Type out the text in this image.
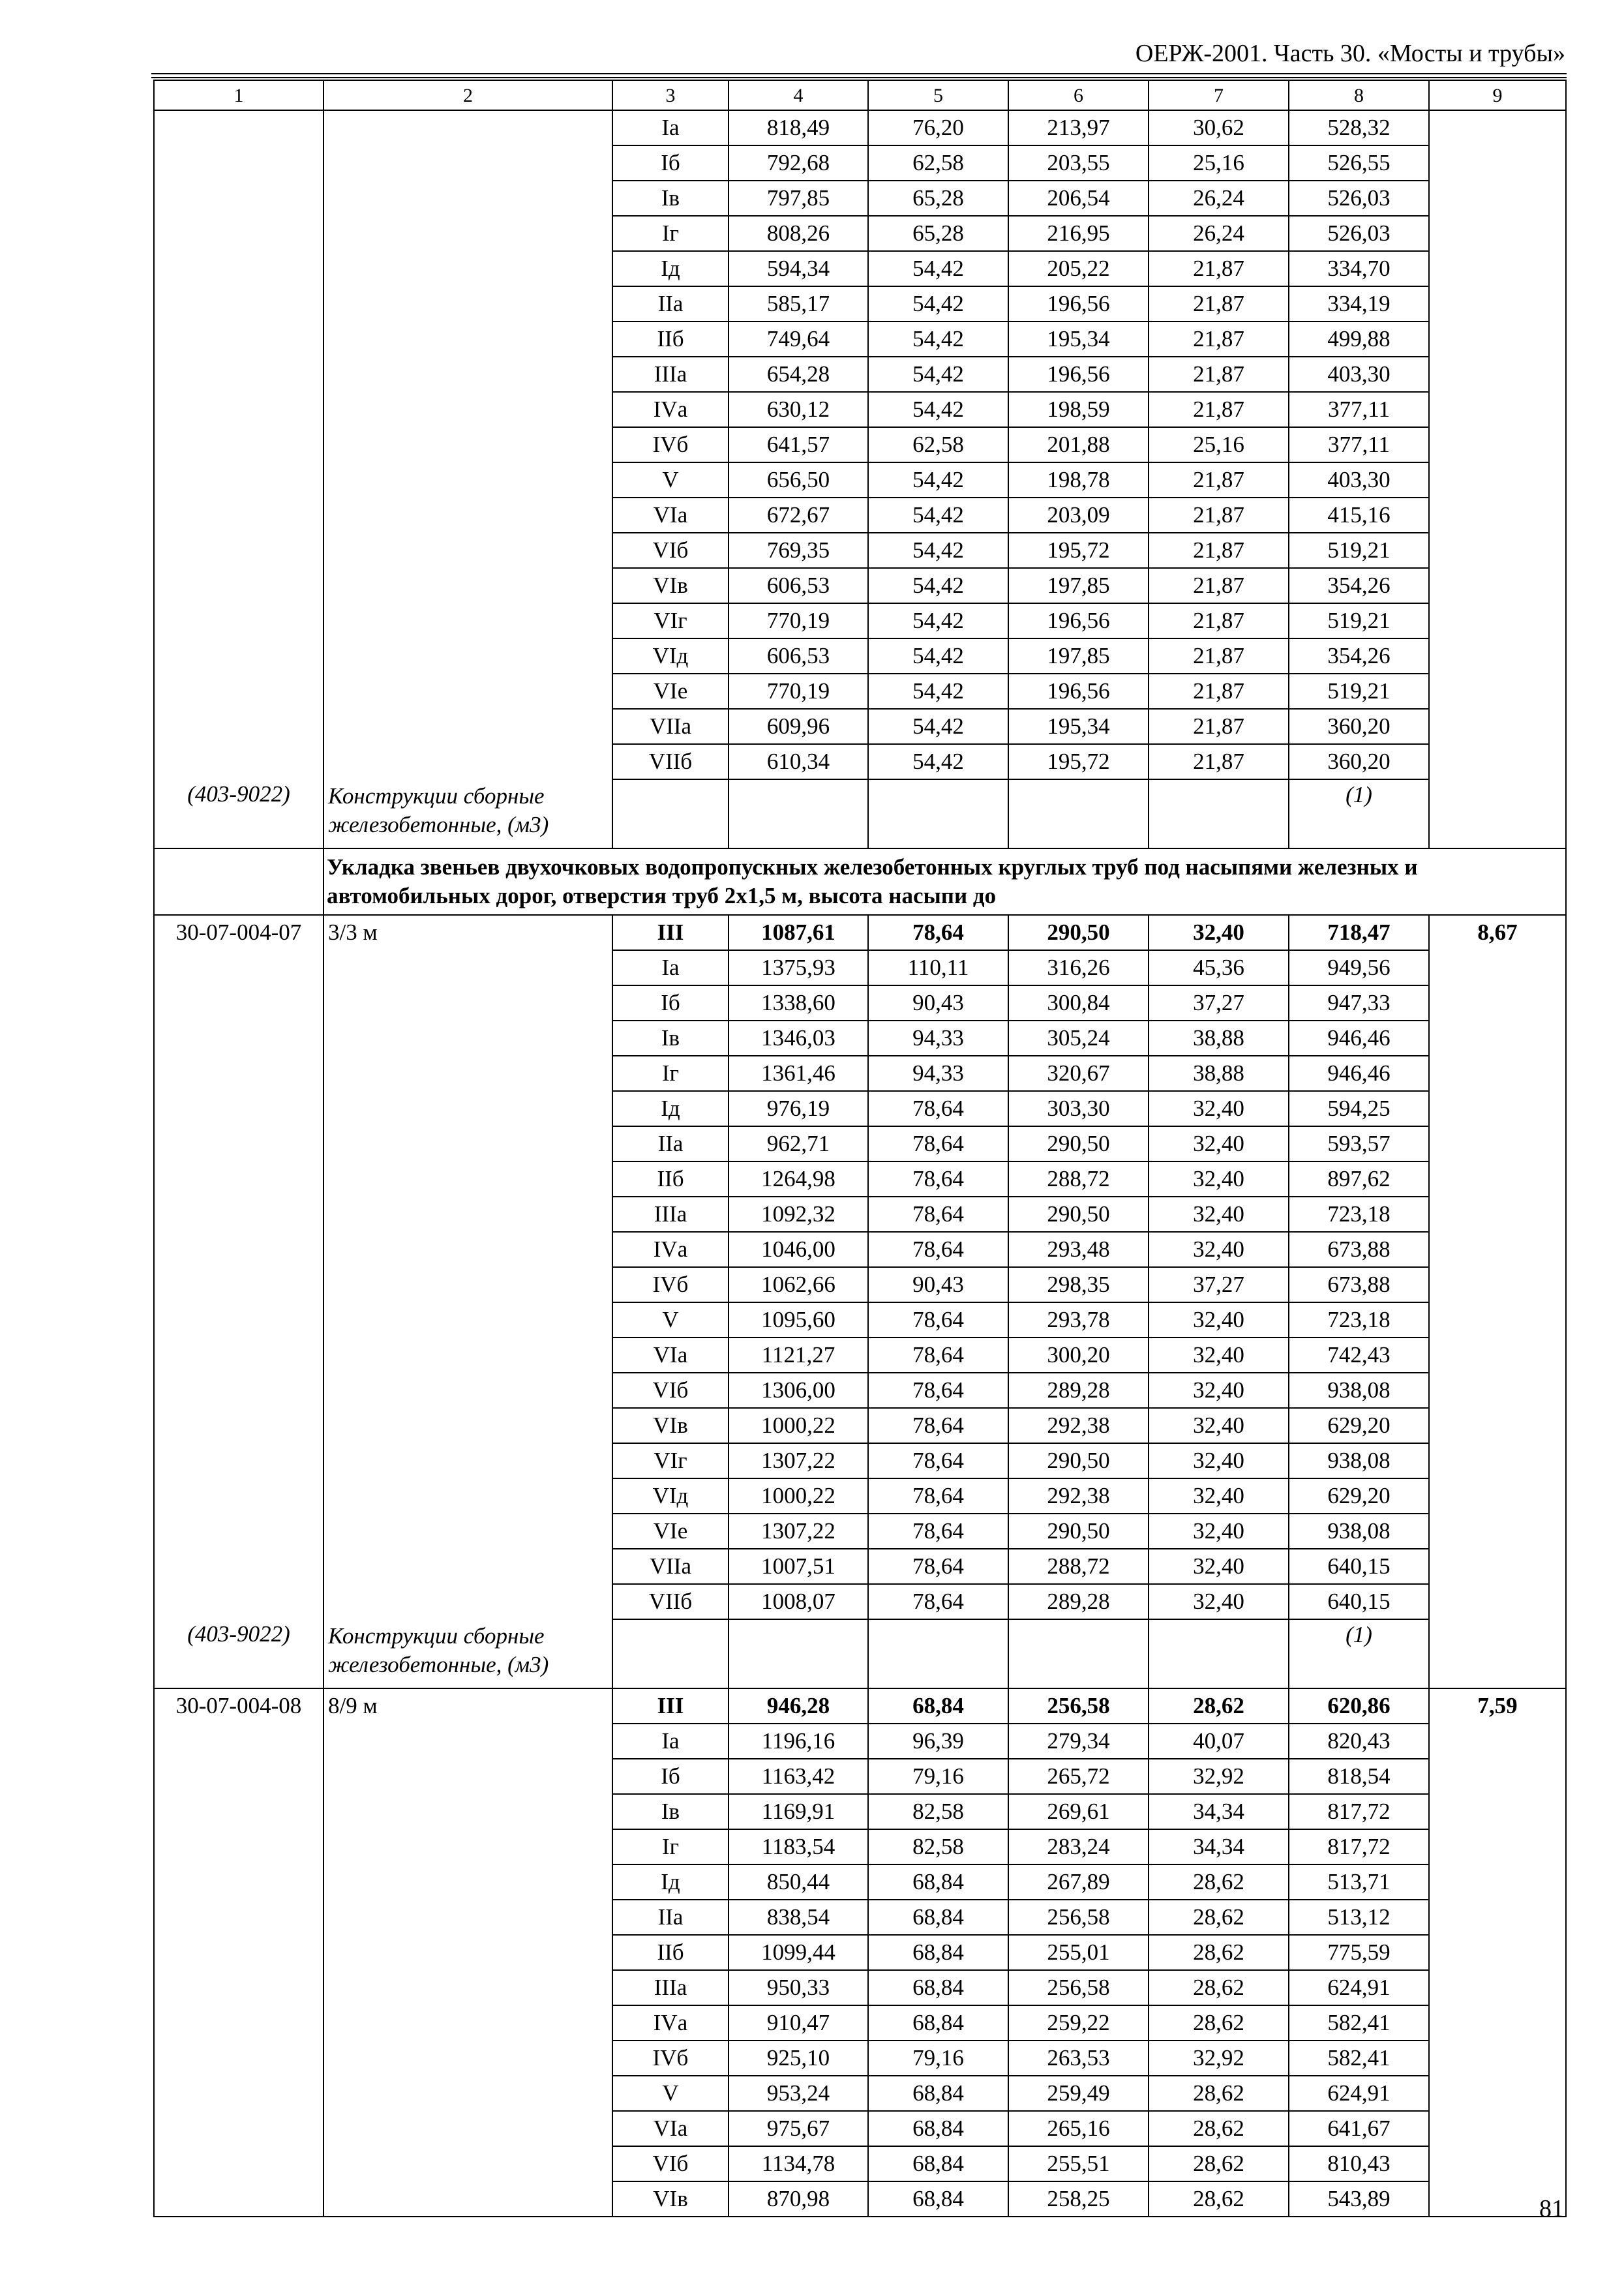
ОЕРЖ-2001. Часть 30. «Мосты и трубы»
1	2	3	4	5	6	7	8	9
		Iа	818,49	76,20	213,97	30,62	528,32	
		Iб	792,68	62,58	203,55	25,16	526,55	
		Iв	797,85	65,28	206,54	26,24	526,03	
		Iг	808,26	65,28	216,95	26,24	526,03	
		Iд	594,34	54,42	205,22	21,87	334,70	
		IIа	585,17	54,42	196,56	21,87	334,19	
		IIб	749,64	54,42	195,34	21,87	499,88	
		IIIа	654,28	54,42	196,56	21,87	403,30	
		IVа	630,12	54,42	198,59	21,87	377,11	
		IVб	641,57	62,58	201,88	25,16	377,11	
		V	656,50	54,42	198,78	21,87	403,30	
		VIа	672,67	54,42	203,09	21,87	415,16	
		VIб	769,35	54,42	195,72	21,87	519,21	
		VIв	606,53	54,42	197,85	21,87	354,26	
		VIг	770,19	54,42	196,56	21,87	519,21	
		VIд	606,53	54,42	197,85	21,87	354,26	
		VIе	770,19	54,42	196,56	21,87	519,21	
		VIIа	609,96	54,42	195,34	21,87	360,20	
		VIIб	610,34	54,42	195,72	21,87	360,20	
(403-9022)	Конструкции сборные железобетонные, (м3)						(1)	
	Укладка звеньев двухочковых водопропускных железобетонных круглых труб под насыпями железных и автомобильных дорог, отверстия труб 2х1,5 м, высота насыпи до							
30-07-004-07	3/3 м	III	1087,61	78,64	290,50	32,40	718,47	8,67
		Iа	1375,93	110,11	316,26	45,36	949,56	
		Iб	1338,60	90,43	300,84	37,27	947,33	
		Iв	1346,03	94,33	305,24	38,88	946,46	
		Iг	1361,46	94,33	320,67	38,88	946,46	
		Iд	976,19	78,64	303,30	32,40	594,25	
		IIа	962,71	78,64	290,50	32,40	593,57	
		IIб	1264,98	78,64	288,72	32,40	897,62	
		IIIа	1092,32	78,64	290,50	32,40	723,18	
		IVа	1046,00	78,64	293,48	32,40	673,88	
		IVб	1062,66	90,43	298,35	37,27	673,88	
		V	1095,60	78,64	293,78	32,40	723,18	
		VIа	1121,27	78,64	300,20	32,40	742,43	
		VIб	1306,00	78,64	289,28	32,40	938,08	
		VIв	1000,22	78,64	292,38	32,40	629,20	
		VIг	1307,22	78,64	290,50	32,40	938,08	
		VIд	1000,22	78,64	292,38	32,40	629,20	
		VIе	1307,22	78,64	290,50	32,40	938,08	
		VIIа	1007,51	78,64	288,72	32,40	640,15	
		VIIб	1008,07	78,64	289,28	32,40	640,15	
(403-9022)	Конструкции сборные железобетонные, (м3)						(1)	
30-07-004-08	8/9 м	III	946,28	68,84	256,58	28,62	620,86	7,59
		Iа	1196,16	96,39	279,34	40,07	820,43	
		Iб	1163,42	79,16	265,72	32,92	818,54	
		Iв	1169,91	82,58	269,61	34,34	817,72	
		Iг	1183,54	82,58	283,24	34,34	817,72	
		Iд	850,44	68,84	267,89	28,62	513,71	
		IIа	838,54	68,84	256,58	28,62	513,12	
		IIб	1099,44	68,84	255,01	28,62	775,59	
		IIIа	950,33	68,84	256,58	28,62	624,91	
		IVа	910,47	68,84	259,22	28,62	582,41	
		IVб	925,10	79,16	263,53	32,92	582,41	
		V	953,24	68,84	259,49	28,62	624,91	
		VIа	975,67	68,84	265,16	28,62	641,67	
		VIб	1134,78	68,84	255,51	28,62	810,43	
		VIв	870,98	68,84	258,25	28,62	543,89		81
